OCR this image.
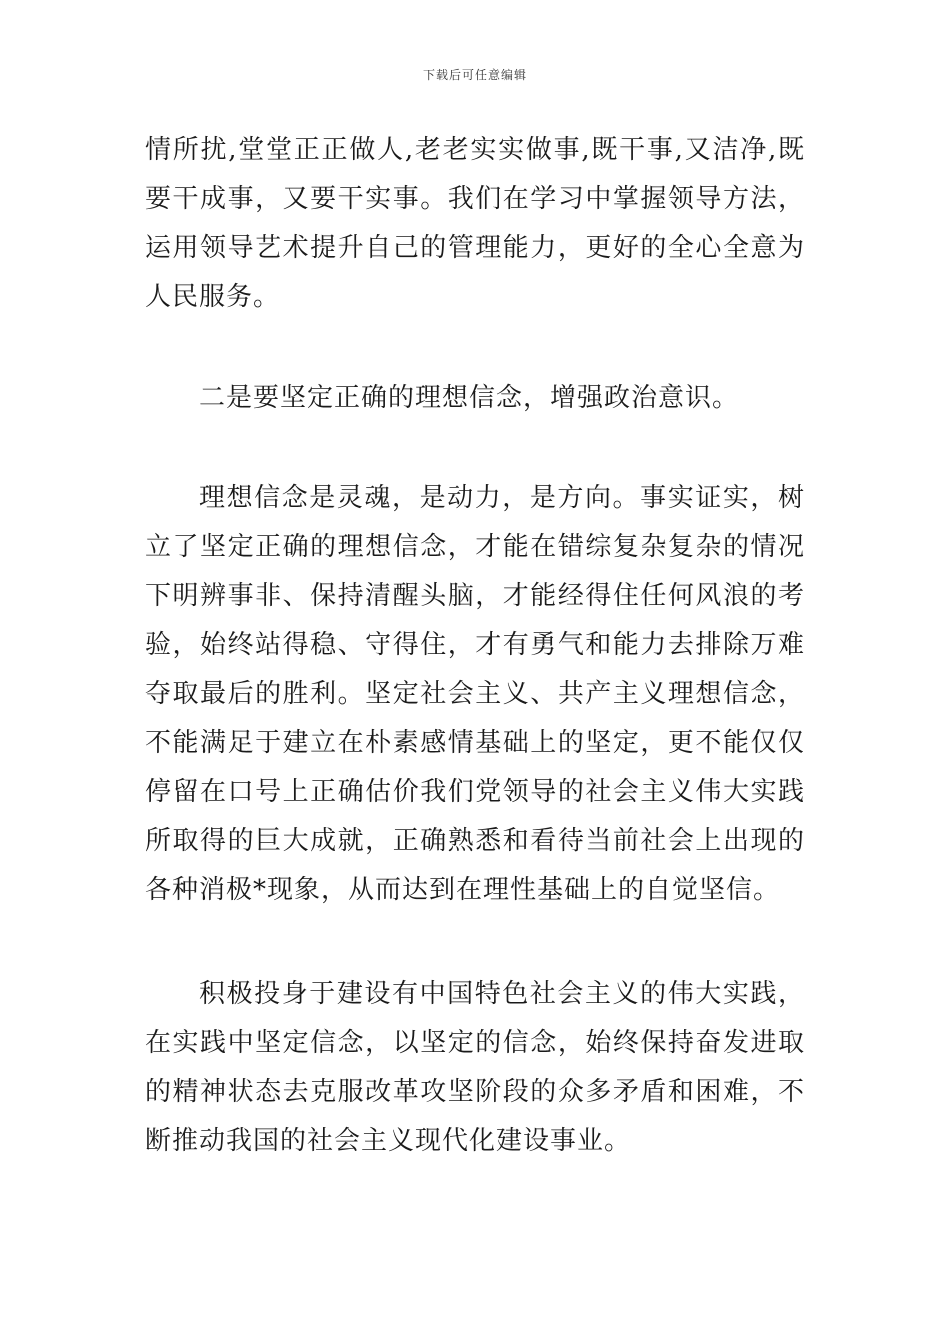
下载后可任意编辑
情所扰,堂堂正正做人,老老实实做事,既干事,又洁净,既要干成事，又要干实事。我们在学习中掌握领导方法，运用领导艺术提升自己的管理能力，更好的全心全意为人民服务。
二是要坚定正确的理想信念，增强政治意识。
理想信念是灵魂，是动力，是方向。事实证实，树立了坚定正确的理想信念，才能在错综复杂复杂的情况下明辨事非、保持清醒头脑，才能经得住任何风浪的考验，始终站得稳、守得住，才有勇气和能力去排除万难夺取最后的胜利。坚定社会主义、共产主义理想信念，不能满足于建立在朴素感情基础上的坚定，更不能仅仅停留在口号上正确估价我们党领导的社会主义伟大实践所取得的巨大成就，正确熟悉和看待当前社会上出现的各种消极*现象，从而达到在理性基础上的自觉坚信。
积极投身于建设有中国特色社会主义的伟大实践，在实践中坚定信念，以坚定的信念，始终保持奋发进取的精神状态去克服改革攻坚阶段的众多矛盾和困难，不断推动我国的社会主义现代化建设事业。
